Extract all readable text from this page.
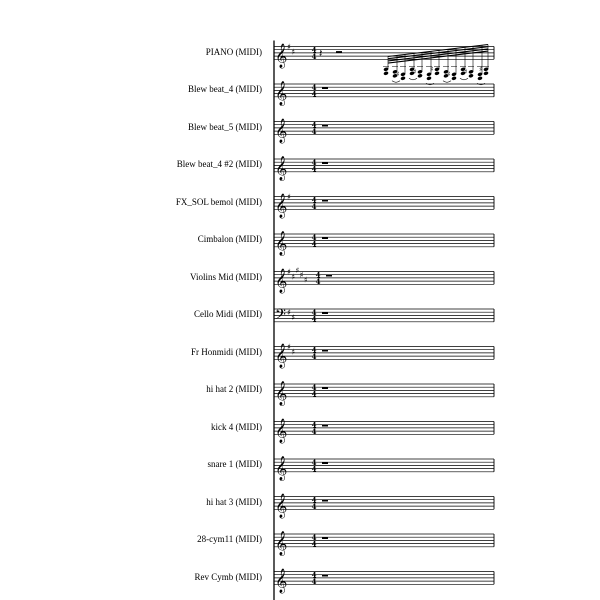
PIANO (MIDI)
Blew beat_4 (MIDI)
Blew beat_5 (MIDI)
Blew beat_4 #2 (MIDI)
FX_SOL bemol (MIDI)
Cimbalon (MIDI)
Violins Mid (MIDI)
Cello Midi (MIDI)
Fr Honmidi (MIDI)
hi hat 2 (MIDI)
kick 4 (MIDI)
snare 1 (MIDI)
hi hat 3 (MIDI)
28-cym11 (MIDI)
Rev Cymb (MIDI)
𝄞 ♯
♯ 4
4 𝄽
♯ ♯ ♯
♯ ♯ ♯
𝄞	4
4
𝄞	4
4
𝄞	4
4
𝄞 ♯	4
4
𝄞	4
4
𝄞 ♯
♯
♯
♯
♯
4
4
𝄢 ♯
♯
4
4
𝄞 ♯
♯ 4
4
𝄞	4
4
𝄞	4
4
𝄞	4
4
𝄞	4
4
𝄞	4
4
𝄞	4
4
